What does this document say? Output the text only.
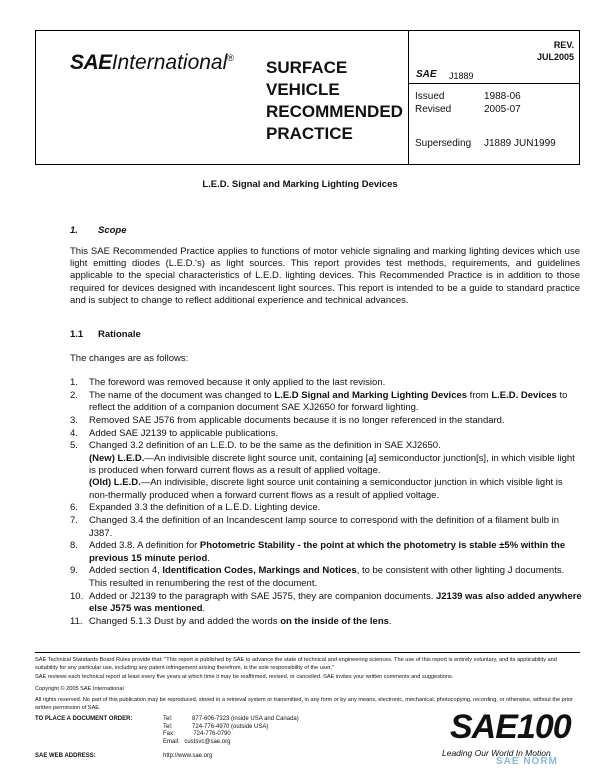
SAEInternational® SURFACE
VEHICLE
RECOMMENDED
PRACTICE
SAE J1889
REV.
JUL2005
Issued	1988-06
Revised	2005-07
Superseding J1889 JUN1999
L.E.D. Signal and Marking Lighting Devices
1. Scope
This SAE Recommended Practice applies to functions of motor vehicle signaling and marking lighting devices which use light emitting diodes (L.E.D.'s) as light sources. This report provides test methods, requirements, and guidelines applicable to the special characteristics of L.E.D. lighting devices. This Recommended Practice is in addition to those required for devices designed with incandescent light sources. This report is intended to be a guide to standard practice and is subject to change to reflect additional experience and technical advances.
1.1 Rationale
The changes are as follows:
1. The foreword was removed because it only applied to the last revision.
2. The name of the document was changed to L.E.D Signal and Marking Lighting Devices from L.E.D. Devices to reflect the addition of a companion document SAE XJ2650 for forward lighting.
3. Removed SAE J576 from applicable documents because it is no longer referenced in the standard.
4. Added SAE J2139 to applicable publications.
5. Changed 3.2 definition of an L.E.D. to be the same as the definition in SAE XJ2650.
(New) L.E.D.—An indivisible discrete light source unit, containing [a] semiconductor junction[s], in which visible light is produced when forward current flows as a result of applied voltage.
(Old) L.E.D.—An indivisible, discrete light source unit containing a semiconductor junction in which visible light is non-thermally produced when a forward current flows as a result of applied voltage.
6. Expanded 3.3 the definition of a L.E.D. Lighting device.
7. Changed 3.4 the definition of an Incandescent lamp source to correspond with the definition of a filament bulb in J387.
8. Added 3.8. A definition for Photometric Stability - the point at which the photometry is stable ±5% within the previous 15 minute period.
9. Added section 4, Identification Codes, Markings and Notices, to be consistent with other lighting J documents. This resulted in renumbering the rest of the document.
10. Added or J2139 to the paragraph with SAE J575, they are companion documents. J2139 was also added anywhere else J575 was mentioned.
11. Changed 5.1.3 Dust by and added the words on the inside of the lens.
SAE Technical Standards Board Rules provide that: "This report is published by SAE to advance the state of technical and engineering sciences. The use of this report is entirely voluntary, and its applicability and suitability for any particular use, including any patent infringement arising therefrom, is the sole responsibility of the user."
SAE reviews each technical report at least every five years at which time it may be reaffirmed, revised, or cancelled. SAE invites your written comments and suggestions.
Copyright © 2005 SAE International
All rights reserved. No part of this publication may be reproduced, stored in a retrieval system or transmitted, in any form or by any means, electronic, mechanical, photocopying, recording, or otherwise, without the prior written permission of SAE.
TO PLACE A DOCUMENT ORDER:	Tel:	877-606-7323 (inside USA and Canada)
Tel:	724-776-4970 (outside USA)
Fax:	724-776-0790
Email: custsvc@sae.org
SAE WEB ADDRESS:	http://www.sae.org
SAE100
Leading Our World In Motion
SAE NORM
